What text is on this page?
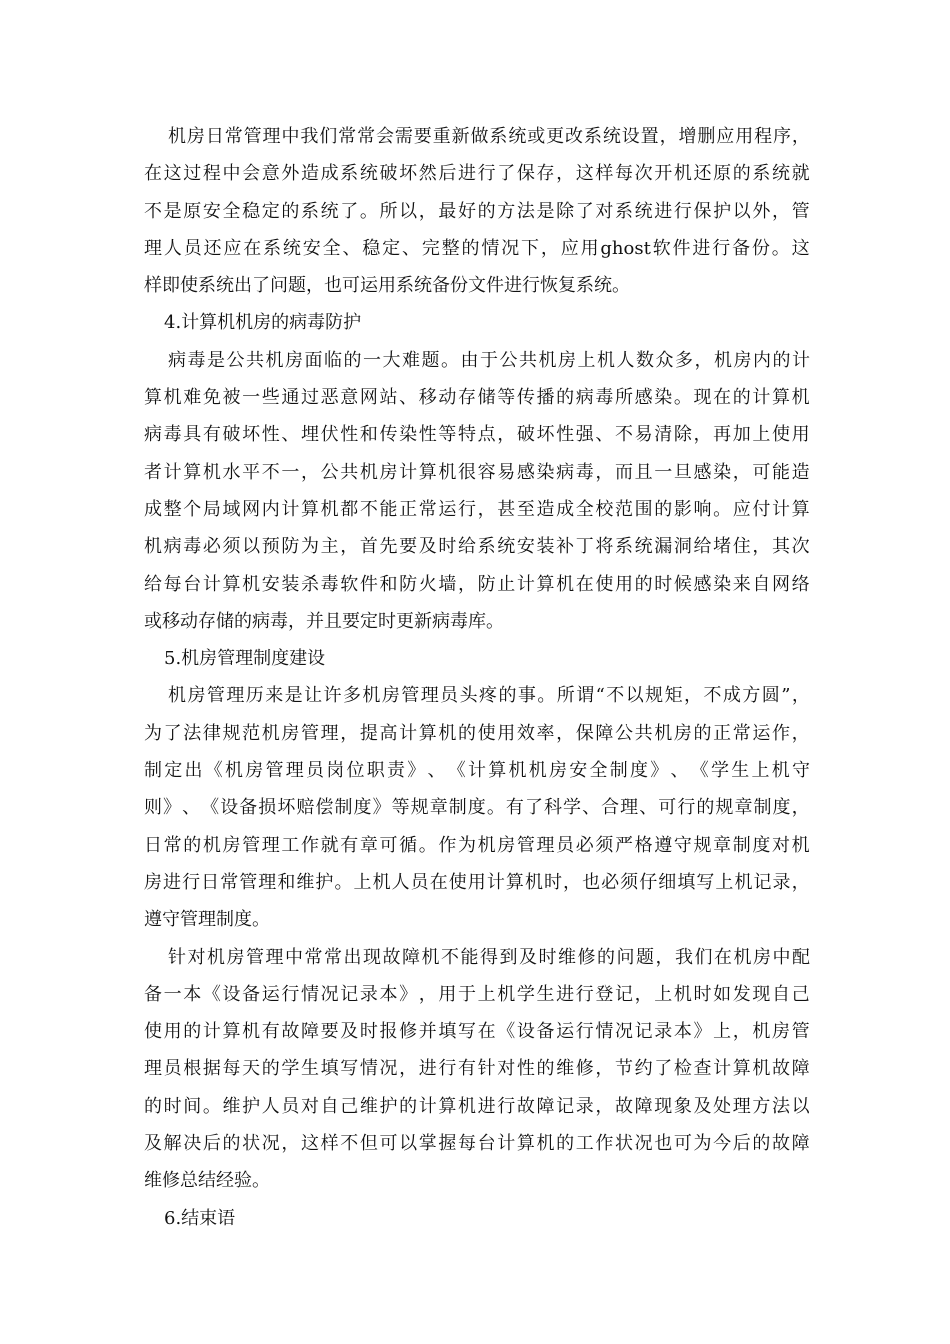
机 房 日 常 管 理 中 我 们 常 常 会 需 要 重 新 做 系 统 或 更 改 系 统 设 置 ， 增 删 应 用 程 序 ，
在 这 过 程 中 会 意 外 造 成 系 统 破 坏 然 后 进 行 了 保 存 ， 这 样 每 次 开 机 还 原 的 系 统 就
不 是 原 安 全 稳 定 的 系 统 了 。 所 以 ， 最 好 的 方 法 是 除 了 对 系 统 进 行 保 护 以 外 ， 管
理 人 员 还 应 在 系 统 安 全 、 稳 定 、 完 整 的 情 况 下 ， 应 用 ghost 软 件 进 行 备 份 。 这
样即使系统出了问题，也可运用系统备份文件进行恢复系统。
4.计算机机房的病毒防护
病 毒 是 公 共 机 房 面 临 的 一 大 难 题 。 由 于 公 共 机 房 上 机 人 数 众 多 ， 机 房 内 的 计
算 机 难 免 被 一 些 通 过 恶 意 网 站 、 移 动 存 储 等 传 播 的 病 毒 所 感 染 。 现 在 的 计 算 机
病 毒 具 有 破 坏 性 、 埋 伏 性 和 传 染 性 等 特 点 ， 破 坏 性 强 、 不 易 清 除 ， 再 加 上 使 用
者 计 算 机 水 平 不 一 ， 公 共 机 房 计 算 机 很 容 易 感 染 病 毒 ， 而 且 一 旦 感 染 ， 可 能 造
成 整 个 局 域 网 内 计 算 机 都 不 能 正 常 运 行 ， 甚 至 造 成 全 校 范 围 的 影 响 。 应 付 计 算
机 病 毒 必 须 以 预 防 为 主 ， 首 先 要 及 时 给 系 统 安 装 补 丁 将 系 统 漏 洞 给 堵 住 ， 其 次
给 每 台 计 算 机 安 装 杀 毒 软 件 和 防 火 墙 ， 防 止 计 算 机 在 使 用 的 时 候 感 染 来 自 网 络
或移动存储的病毒，并且要定时更新病毒库。
5.机房管理制度建设
机 房 管 理 历 来 是 让 许 多 机 房 管 理 员 头 疼 的 事 。 所 谓 “ 不 以 规 矩 ， 不 成 方 圆 ” ，
为 了 法 律 规 范 机 房 管 理 ， 提 高 计 算 机 的 使 用 效 率 ， 保 障 公 共 机 房 的 正 常 运 作 ，
制 定 出 《 机 房 管 理 员 岗 位 职 责 》 、 《 计 算 机 机 房 安 全 制 度 》 、 《 学 生 上 机 守
则 》 、 《 设 备 损 坏 赔 偿 制 度 》 等 规 章 制 度 。 有 了 科 学 、 合 理 、 可 行 的 规 章 制 度 ，
日 常 的 机 房 管 理 工 作 就 有 章 可 循 。 作 为 机 房 管 理 员 必 须 严 格 遵 守 规 章 制 度 对 机
房 进 行 日 常 管 理 和 维 护 。 上 机 人 员 在 使 用 计 算 机 时 ， 也 必 须 仔 细 填 写 上 机 记 录 ，
遵守管理制度。
针 对 机 房 管 理 中 常 常 出 现 故 障 机 不 能 得 到 及 时 维 修 的 问 题 ， 我 们 在 机 房 中 配
备 一 本 《 设 备 运 行 情 况 记 录 本 》 ， 用 于 上 机 学 生 进 行 登 记 ， 上 机 时 如 发 现 自 己
使 用 的 计 算 机 有 故 障 要 及 时 报 修 并 填 写 在 《 设 备 运 行 情 况 记 录 本 》 上 ， 机 房 管
理 员 根 据 每 天 的 学 生 填 写 情 况 ， 进 行 有 针 对 性 的 维 修 ， 节 约 了 检 查 计 算 机 故 障
的 时 间 。 维 护 人 员 对 自 己 维 护 的 计 算 机 进 行 故 障 记 录 ， 故 障 现 象 及 处 理 方 法 以
及 解 决 后 的 状 况 ， 这 样 不 但 可 以 掌 握 每 台 计 算 机 的 工 作 状 况 也 可 为 今 后 的 故 障
维修总结经验。
6.结束语
